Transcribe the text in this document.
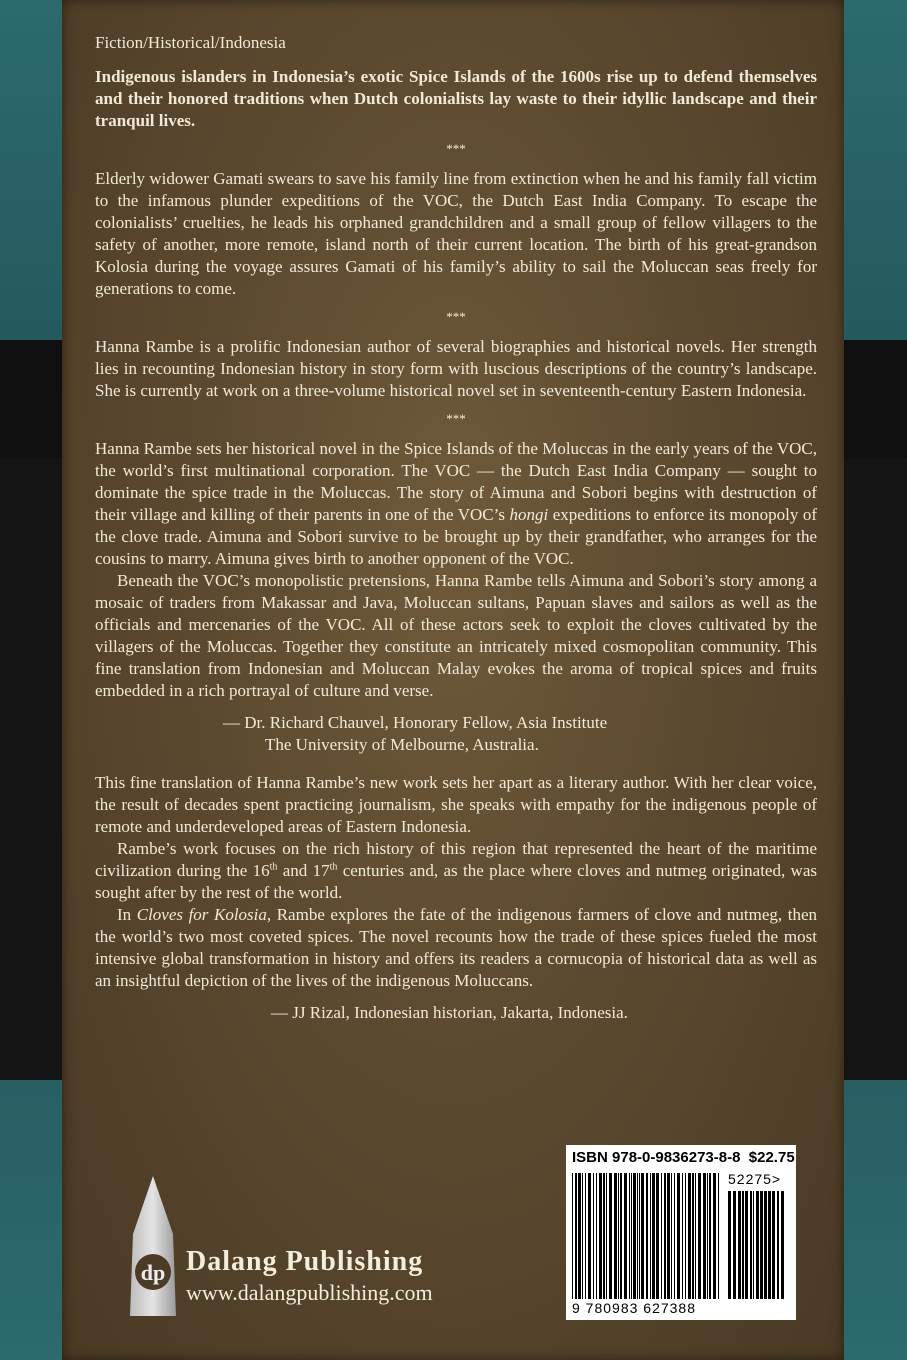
Fiction/Historical/Indonesia

Indigenous islanders in Indonesia’s exotic Spice Islands of the 1600s rise up to defend themselves and their honored traditions when Dutch colonialists lay waste to their idyllic landscape and their tranquil lives.

***

Elderly widower Gamati swears to save his family line from extinction when he and his family fall victim to the infamous plunder expeditions of the VOC, the Dutch East India Company. To escape the colonialists’ cruelties, he leads his orphaned grandchildren and a small group of fellow villagers to the safety of another, more remote, island north of their current location. The birth of his great-grandson Kolosia during the voyage assures Gamati of his family’s ability to sail the Moluccan seas freely for generations to come.

***

Hanna Rambe is a prolific Indonesian author of several biographies and historical novels. Her strength lies in recounting Indonesian history in story form with luscious descriptions of the country’s landscape. She is currently at work on a three-volume historical novel set in seventeenth-century Eastern Indonesia.

***

Hanna Rambe sets her historical novel in the Spice Islands of the Moluccas in the early years of the VOC, the world’s first multinational corporation. The VOC — the Dutch East India Company — sought to dominate the spice trade in the Moluccas. The story of Aimuna and Sobori begins with destruction of their village and killing of their parents in one of the VOC’s hongi expeditions to enforce its monopoly of the clove trade. Aimuna and Sobori survive to be brought up by their grandfather, who arranges for the cousins to marry. Aimuna gives birth to another opponent of the VOC.

Beneath the VOC’s monopolistic pretensions, Hanna Rambe tells Aimuna and Sobori’s story among a mosaic of traders from Makassar and Java, Moluccan sultans, Papuan slaves and sailors as well as the officials and mercenaries of the VOC. All of these actors seek to exploit the cloves cultivated by the villagers of the Moluccas. Together they constitute an intricately mixed cosmopolitan community. This fine translation from Indonesian and Moluccan Malay evokes the aroma of tropical spices and fruits embedded in a rich portrayal of culture and verse.

— Dr. Richard Chauvel, Honorary Fellow, Asia Institute
The University of Melbourne, Australia.

This fine translation of Hanna Rambe’s new work sets her apart as a literary author. With her clear voice, the result of decades spent practicing journalism, she speaks with empathy for the indigenous people of remote and underdeveloped areas of Eastern Indonesia.

Rambe’s work focuses on the rich history of this region that represented the heart of the maritime civilization during the 16th and 17th centuries and, as the place where cloves and nutmeg originated, was sought after by the rest of the world.

In Cloves for Kolosia, Rambe explores the fate of the indigenous farmers of clove and nutmeg, then the world’s two most coveted spices. The novel recounts how the trade of these spices fueled the most intensive global transformation in history and offers its readers a cornucopia of historical data as well as an insightful depiction of the lives of the indigenous Moluccans.

— JJ Rizal, Indonesian historian, Jakarta, Indonesia.
dp Dalang Publishing
www.dalangpublishing.com
ISBN 978-0-9836273-8-8 $22.75
52275>
9 780983 627388
